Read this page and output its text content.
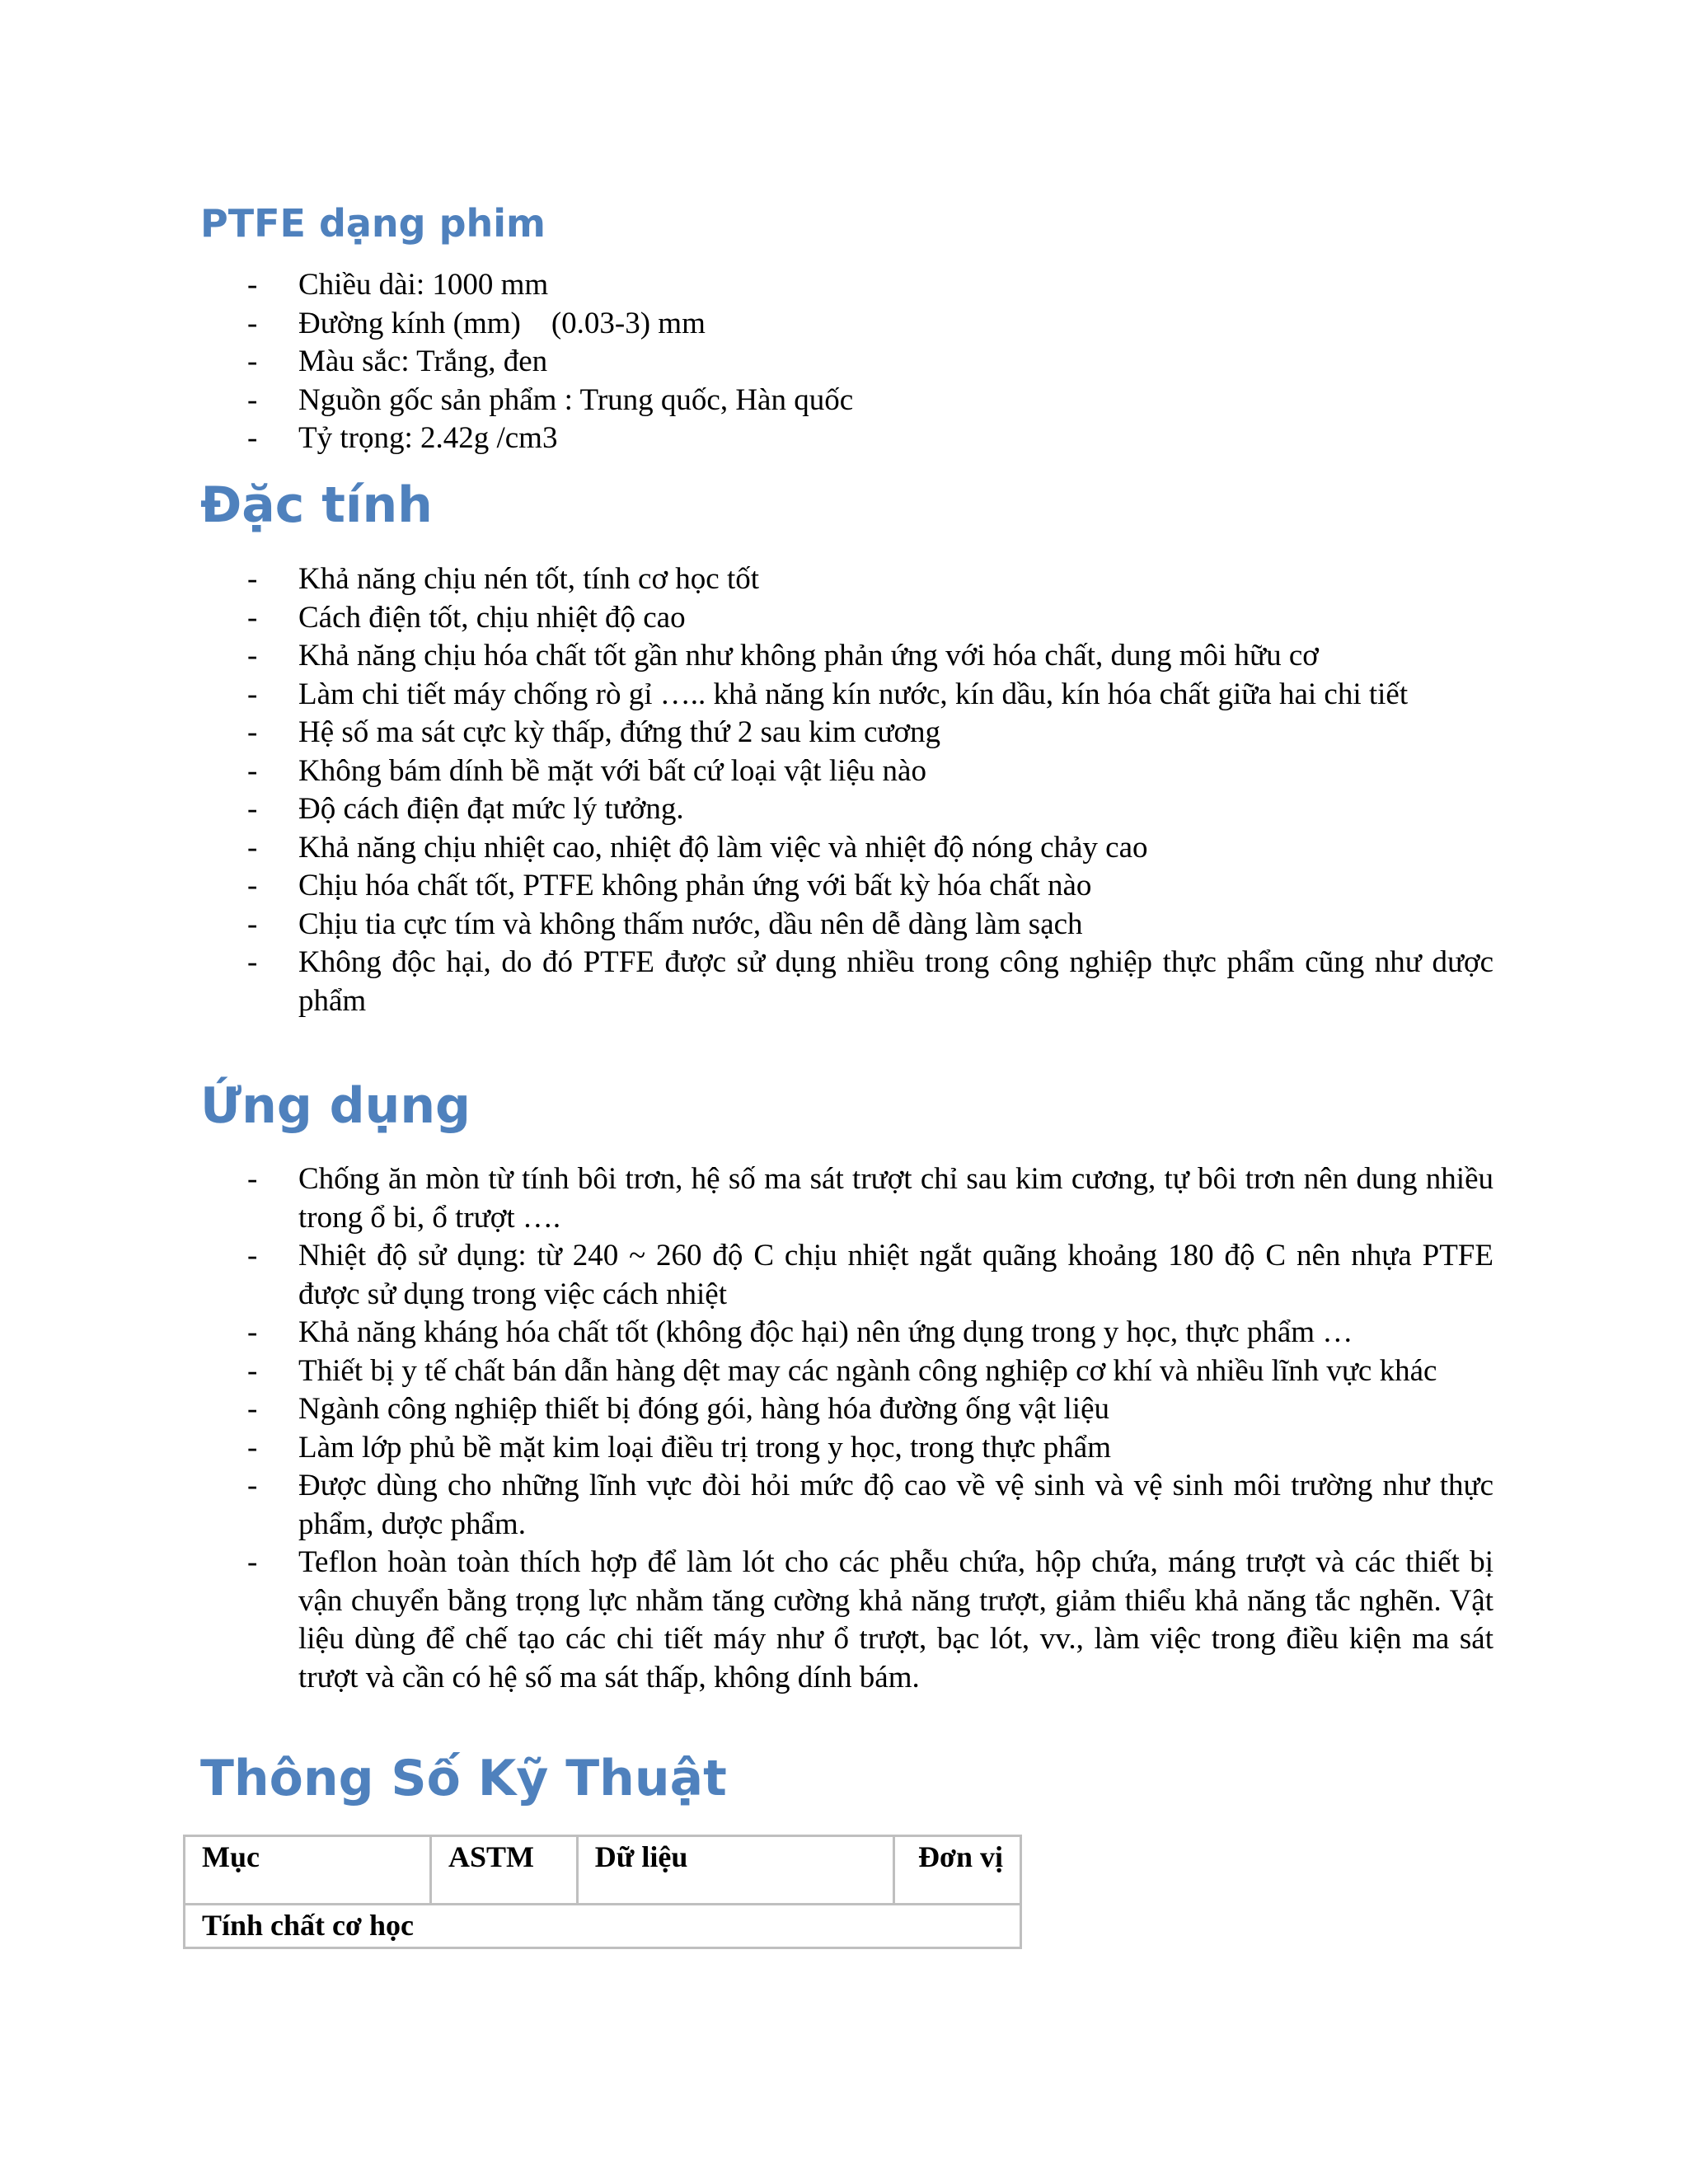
PTFE dạng phim
- Chiều dài: 1000 mm
- Đường kính (mm)    (0.03-3) mm
- Màu sắc: Trắng, đen
- Nguồn gốc sản phẩm : Trung quốc, Hàn quốc
- Tỷ trọng: 2.42g /cm3
Đặc tính
- Khả năng chịu nén tốt, tính cơ học tốt
- Cách điện tốt, chịu nhiệt độ cao
- Khả năng chịu hóa chất tốt gần như không phản ứng với hóa chất, dung môi hữu cơ
- Làm chi tiết máy chống rò gỉ ….. khả năng kín nước, kín dầu, kín hóa chất giữa hai chi tiết
- Hệ số ma sát cực kỳ thấp, đứng thứ 2 sau kim cương
- Không bám dính bề mặt với bất cứ loại vật liệu nào
- Độ cách điện đạt mức lý tưởng.
- Khả năng chịu nhiệt cao, nhiệt độ làm việc và nhiệt độ nóng chảy cao
- Chịu hóa chất tốt, PTFE không phản ứng với bất kỳ hóa chất nào
- Chịu tia cực tím và không thấm nước, dầu nên dễ dàng làm sạch
- Không độc hại, do đó PTFE được sử dụng nhiều trong công nghiệp thực phẩm cũng như dược phẩm
Ứng dụng
- Chống ăn mòn từ tính bôi trơn, hệ số ma sát trượt chỉ sau kim cương, tự bôi trơn nên dung nhiều trong ổ bi, ổ trượt ….
- Nhiệt độ sử dụng: từ 240 ~ 260 độ C chịu nhiệt ngắt quãng khoảng 180 độ C nên nhựa PTFE được sử dụng trong việc cách nhiệt
- Khả năng kháng hóa chất tốt (không độc hại) nên ứng dụng trong y học, thực phẩm …
- Thiết bị y tế chất bán dẫn hàng dệt may các ngành công nghiệp cơ khí và nhiều lĩnh vực khác
- Ngành công nghiệp thiết bị đóng gói, hàng hóa đường ống vật liệu
- Làm lớp phủ bề mặt kim loại điều trị trong y học, trong thực phẩm
- Được dùng cho những lĩnh vực đòi hỏi mức độ cao về vệ sinh và vệ sinh môi trường như thực phẩm, dược phẩm.
- Teflon hoàn toàn thích hợp để làm lót cho các phễu chứa, hộp chứa, máng trượt và các thiết bị vận chuyển bằng trọng lực nhằm tăng cường khả năng trượt, giảm thiểu khả năng tắc nghẽn. Vật liệu dùng để chế tạo các chi tiết máy như ổ trượt, bạc lót, vv., làm việc trong điều kiện ma sát trượt và cần có hệ số ma sát thấp, không dính bám.
Thông Số Kỹ Thuật
Mục	ASTM	Dữ liệu	Đơn vị
Tính chất cơ học
